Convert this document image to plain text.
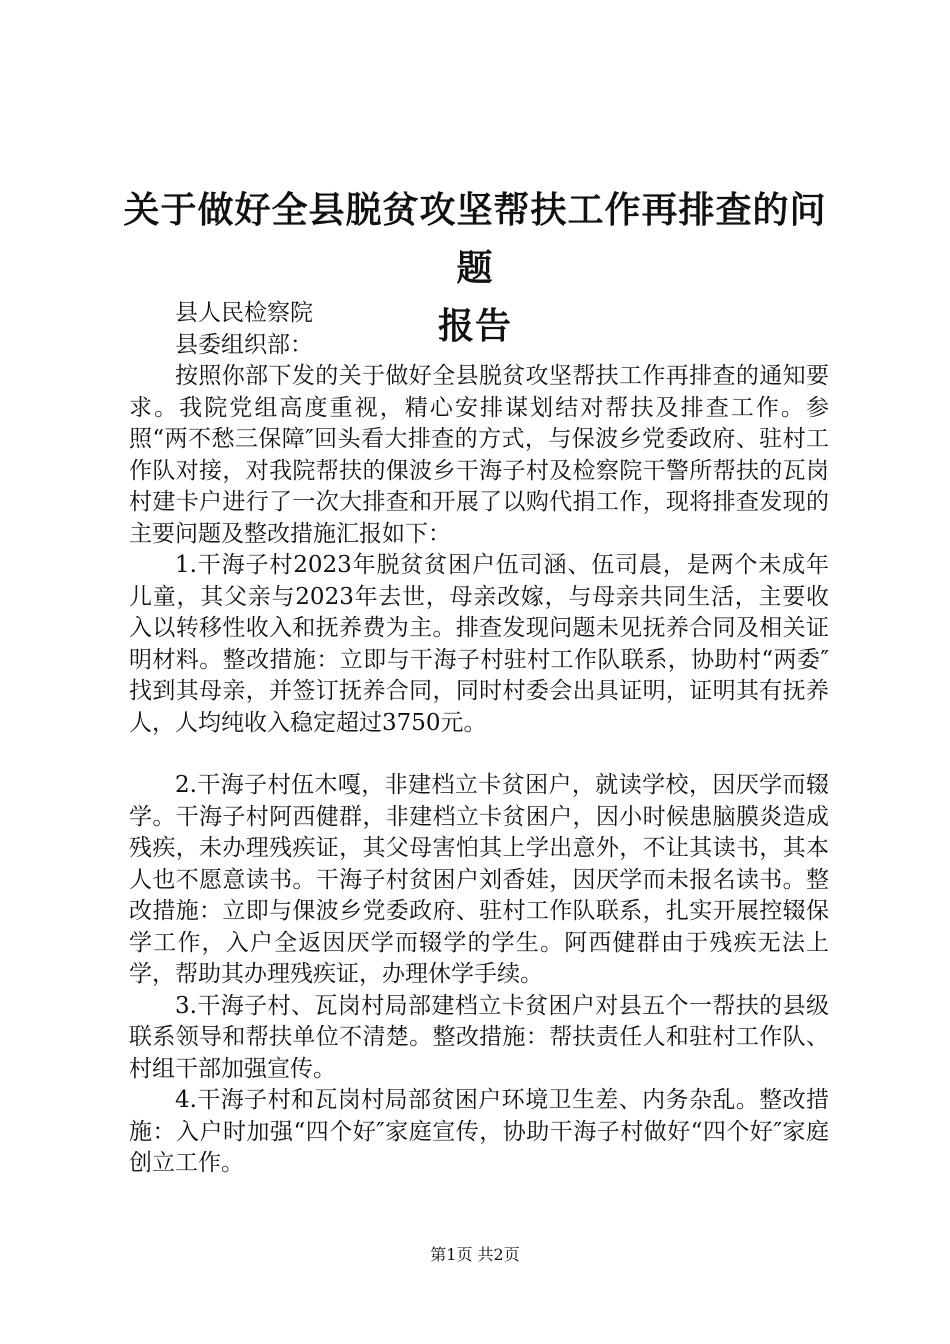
关于做好全县脱贫攻坚帮扶工作再排查的问题
报告

县人民检察院

县委组织部：

按照你部下发的关于做好全县脱贫攻坚帮扶工作再排查的通知要求。我院党组高度重视，精心安排谋划结对帮扶及排查工作。参照“两不愁三保障″回头看大排查的方式，与保波乡党委政府、驻村工作队对接，对我院帮扶的倮波乡干海子村及检察院干警所帮扶的瓦岗村建卡户进行了一次大排查和开展了以购代捐工作，现将排查发现的主要问题及整改措施汇报如下：

1.干海子村2023年脱贫贫困户伍司涵、伍司晨，是两个未成年儿童，其父亲与2023年去世，母亲改嫁，与母亲共同生活，主要收入以转移性收入和抚养费为主。排查发现问题未见抚养合同及相关证明材料。整改措施：立即与干海子村驻村工作队联系，协助村“两委″找到其母亲，并签订抚养合同，同时村委会出具证明，证明其有抚养人，人均纯收入稳定超过3750元。

2.干海子村伍木嘎，非建档立卡贫困户，就读学校，因厌学而辍学。干海子村阿西健群，非建档立卡贫困户，因小时候患脑膜炎造成残疾，未办理残疾证，其父母害怕其上学出意外，不让其读书，其本人也不愿意读书。干海子村贫困户刘香娃，因厌学而未报名读书。整改措施：立即与倮波乡党委政府、驻村工作队联系，扎实开展控辍保学工作，入户全返因厌学而辍学的学生。阿西健群由于残疾无法上学，帮助其办理残疾证，办理休学手续。

3.干海子村、瓦岗村局部建档立卡贫困户对县五个一帮扶的县级联系领导和帮扶单位不清楚。整改措施：帮扶责任人和驻村工作队、村组干部加强宣传。

4.干海子村和瓦岗村局部贫困户环境卫生差、内务杂乱。整改措施：入户时加强“四个好″家庭宣传，协助干海子村做好“四个好″家庭创立工作。

第1页 共2页
